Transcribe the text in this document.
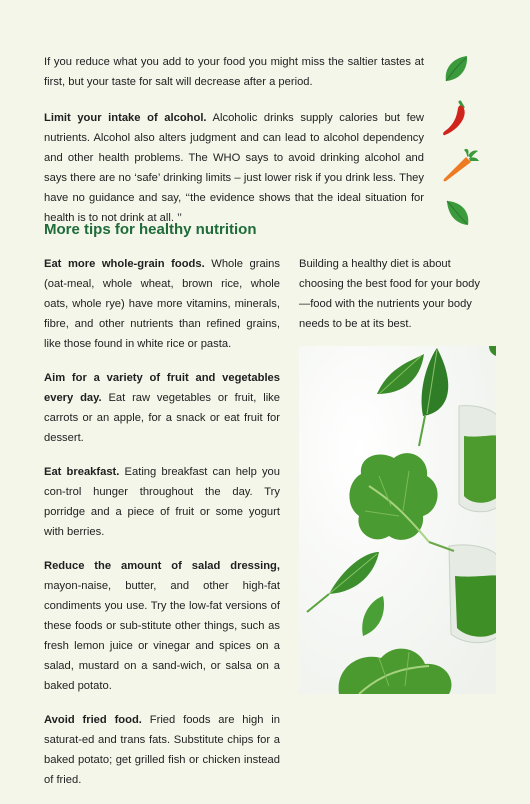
If you reduce what you add to your food you might miss the saltier tastes at first, but your taste for salt will decrease after a period.

Limit your intake of alcohol. Alcoholic drinks supply calories but few nutrients. Alcohol also alters judgment and can lead to alcohol dependency and other health problems. The WHO says to avoid drinking alcohol and says there are no ‘safe’ drinking limits – just lower risk if you drink less. They have no guidance and say, ‘‘the evidence shows that the ideal situation for health is to not drink at all. ’’

More tips for healthy nutrition

Eat more whole-grain foods. Whole grains (oat-meal, whole wheat, brown rice, whole oats, whole rye) have more vitamins, minerals, fibre, and other nutrients than refined grains, like those found in white rice or pasta.

Aim for a variety of fruit and vegetables every day. Eat raw vegetables or fruit, like carrots or an apple, for a snack or eat fruit for dessert.

Eat breakfast. Eating breakfast can help you con-trol hunger throughout the day. Try porridge and a piece of fruit or some yogurt with berries.

Reduce the amount of salad dressing, mayon-naise, butter, and other high-fat condiments you use. Try the low-fat versions of these foods or sub-stitute other things, such as fresh lemon juice or vinegar and spices on a salad, mustard on a sand-wich, or salsa on a baked potato.

Avoid fried food. Fried foods are high in saturat-ed and trans fats. Substitute chips for a baked potato; get grilled fish or chicken instead of fried.

Building a healthy diet is about choosing the best food for your body—food with the nutrients your body needs to be at its best.
